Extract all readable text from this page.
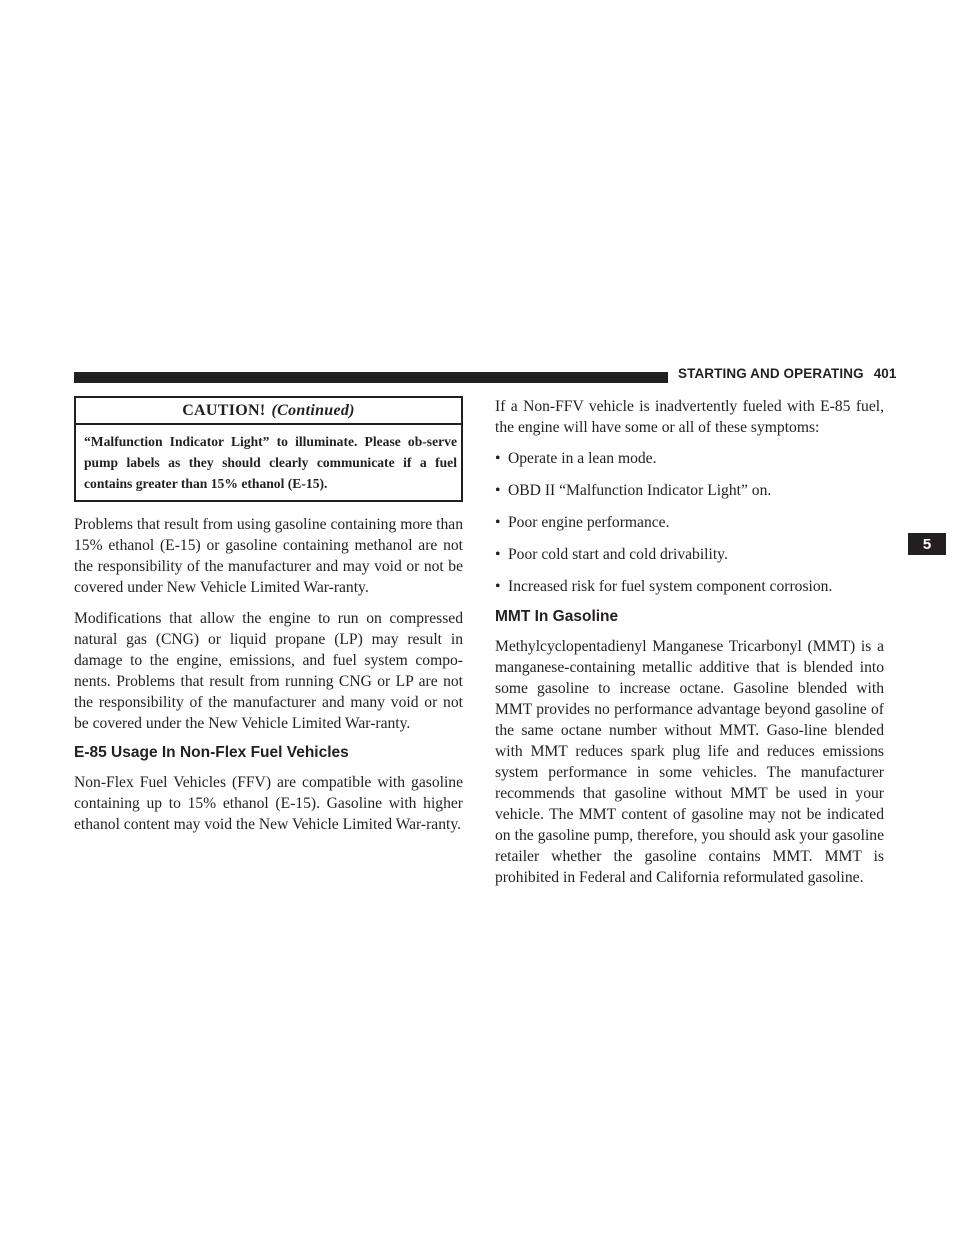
STARTING AND OPERATING 401
5
CAUTION! (Continued)
“Malfunction Indicator Light” to illuminate. Please ob-serve pump labels as they should clearly communicate if a fuel contains greater than 15% ethanol (E-15).

Problems that result from using gasoline containing more than 15% ethanol (E-15) or gasoline containing methanol are not the responsibility of the manufacturer and may void or not be covered under New Vehicle Limited War-ranty.

Modifications that allow the engine to run on compressed natural gas (CNG) or liquid propane (LP) may result in damage to the engine, emissions, and fuel system compo-nents. Problems that result from running CNG or LP are not the responsibility of the manufacturer and many void or not be covered under the New Vehicle Limited War-ranty.

E-85 Usage In Non-Flex Fuel Vehicles

Non-Flex Fuel Vehicles (FFV) are compatible with gasoline containing up to 15% ethanol (E-15). Gasoline with higher ethanol content may void the New Vehicle Limited War-ranty.

If a Non-FFV vehicle is inadvertently fueled with E-85 fuel, the engine will have some or all of these symptoms:

• Operate in a lean mode.
• OBD II “Malfunction Indicator Light” on.
• Poor engine performance.
• Poor cold start and cold drivability.
• Increased risk for fuel system component corrosion.
MMT In Gasoline

Methylcyclopentadienyl Manganese Tricarbonyl (MMT) is a manganese-containing metallic additive that is blended into some gasoline to increase octane. Gasoline blended with MMT provides no performance advantage beyond gasoline of the same octane number without MMT. Gaso-line blended with MMT reduces spark plug life and reduces emissions system performance in some vehicles. The manufacturer recommends that gasoline without MMT be used in your vehicle. The MMT content of gasoline may not be indicated on the gasoline pump, therefore, you should ask your gasoline retailer whether the gasoline contains MMT. MMT is prohibited in Federal and California reformulated gasoline.
